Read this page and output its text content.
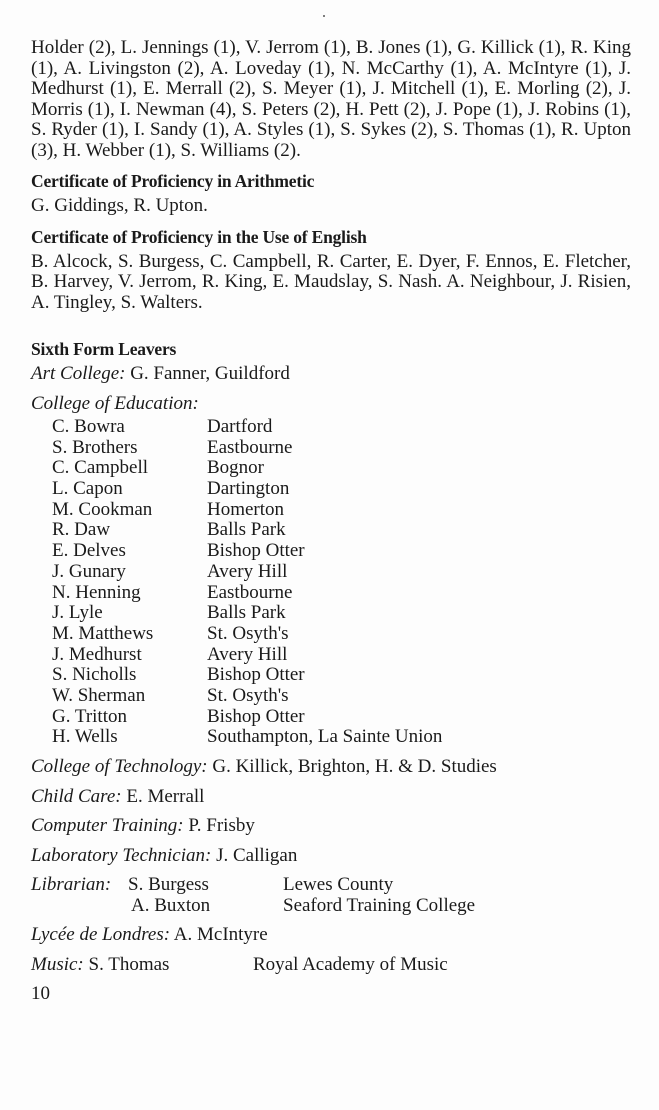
Holder (2), L. Jennings (1), V. Jerrom (1), B. Jones (1), G. Killick (1), R. King (1), A. Livingston (2), A. Loveday (1), N. McCarthy (1), A. McIntyre (1), J. Medhurst (1), E. Merrall (2), S. Meyer (1), J. Mitchell (1), E. Morling (2), J. Morris (1), I. Newman (4), S. Peters (2), H. Pett (2), J. Pope (1), J. Robins (1), S. Ryder (1), I. Sandy (1), A. Styles (1), S. Sykes (2), S. Thomas (1), R. Upton (3), H. Webber (1), S. Williams (2).

Certificate of Proficiency in Arithmetic

G. Giddings, R. Upton.

Certificate of Proficiency in the Use of English

B. Alcock, S. Burgess, C. Campbell, R. Carter, E. Dyer, F. Ennos, E. Fletcher, B. Harvey, V. Jerrom, R. King, E. Maudslay, S. Nash. A. Neighbour, J. Risien, A. Tingley, S. Walters.

Sixth Form Leavers
Art College: G. Fanner, Guildford
College of Education:
C. Bowra	Dartford
S. Brothers	Eastbourne
C. Campbell	Bognor
L. Capon	Dartington
M. Cookman	Homerton
R. Daw	Balls Park
E. Delves	Bishop Otter
J. Gunary	Avery Hill
N. Henning	Eastbourne
J. Lyle	Balls Park
M. Matthews	St. Osyth's
J. Medhurst	Avery Hill
S. Nicholls	Bishop Otter
W. Sherman	St. Osyth's
G. Tritton	Bishop Otter
H. Wells	Southampton, La Sainte Union
College of Technology: G. Killick, Brighton, H. & D. Studies
Child Care: E. Merrall
Computer Training: P. Frisby
Laboratory Technician: J. Calligan
Librarian: S. Burgess	Lewes County
A. Buxton	Seaford Training College
Lycée de Londres: A. McIntyre
Music: S. Thomas	Royal Academy of Music
10
